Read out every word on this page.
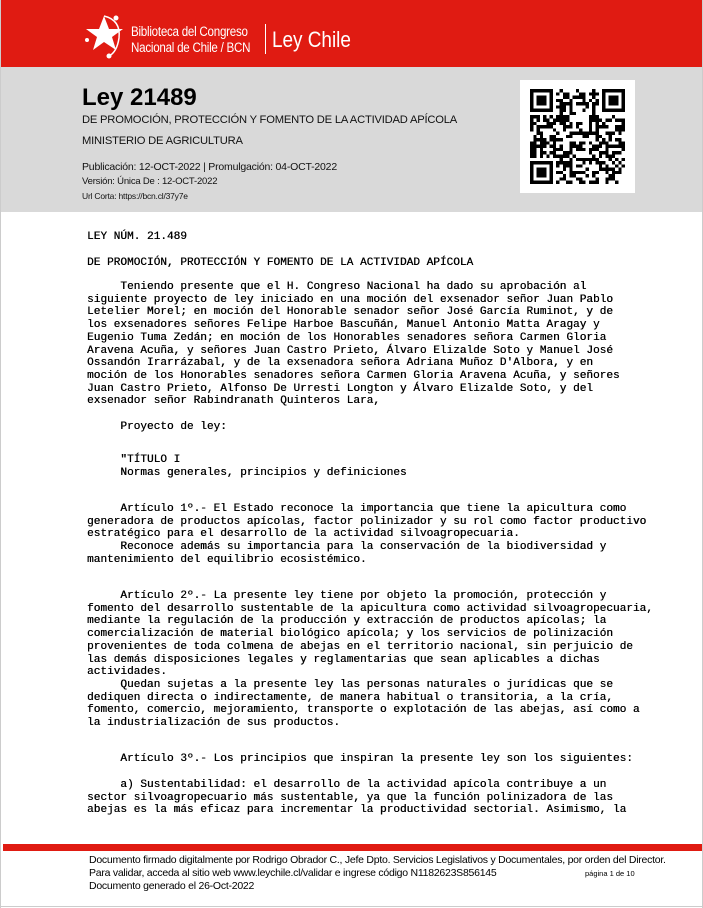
Biblioteca del Congreso
Nacional de Chile / BCN Ley Chile
Ley 21489
DE PROMOCIÓN, PROTECCIÓN Y FOMENTO DE LA ACTIVIDAD APÍCOLA
MINISTERIO DE AGRICULTURA
Publicación: 12-OCT-2022 | Promulgación: 04-OCT-2022
Versión: Única De : 12-OCT-2022
Url Corta: https://bcn.cl/37y7e
LEY NÚM. 21.489
DE PROMOCIÓN, PROTECCIÓN Y FOMENTO DE LA ACTIVIDAD APÍCOLA
Teniendo presente que el H. Congreso Nacional ha dado su aprobación al
siguiente proyecto de ley iniciado en una moción del exsenador señor Juan Pablo
Letelier Morel; en moción del Honorable senador señor José García Ruminot, y de
los exsenadores señores Felipe Harboe Bascuñán, Manuel Antonio Matta Aragay y
Eugenio Tuma Zedán; en moción de los Honorables senadores señora Carmen Gloria
Aravena Acuña, y señores Juan Castro Prieto, Álvaro Elizalde Soto y Manuel José
Ossandón Irarrázabal, y de la exsenadora señora Adriana Muñoz D'Albora, y en
moción de los Honorables senadores señora Carmen Gloria Aravena Acuña, y señores
Juan Castro Prieto, Alfonso De Urresti Longton y Álvaro Elizalde Soto, y del
exsenador señor Rabindranath Quinteros Lara,
Proyecto de ley:
"TÍTULO I
Normas generales, principios y definiciones
Artículo 1º.- El Estado reconoce la importancia que tiene la apicultura como
generadora de productos apícolas, factor polinizador y su rol como factor productivo
estratégico para el desarrollo de la actividad silvoagropecuaria.
Reconoce además su importancia para la conservación de la biodiversidad y
mantenimiento del equilibrio ecosistémico.
Artículo 2º.- La presente ley tiene por objeto la promoción, protección y
fomento del desarrollo sustentable de la apicultura como actividad silvoagropecuaria,
mediante la regulación de la producción y extracción de productos apícolas; la
comercialización de material biológico apícola; y los servicios de polinización
provenientes de toda colmena de abejas en el territorio nacional, sin perjuicio de
las demás disposiciones legales y reglamentarias que sean aplicables a dichas
actividades.
Quedan sujetas a la presente ley las personas naturales o jurídicas que se
dediquen directa o indirectamente, de manera habitual o transitoria, a la cría,
fomento, comercio, mejoramiento, transporte o explotación de las abejas, así como a
la industrialización de sus productos.
Artículo 3º.- Los principios que inspiran la presente ley son los siguientes:
a) Sustentabilidad: el desarrollo de la actividad apícola contribuye a un
sector silvoagropecuario más sustentable, ya que la función polinizadora de las
abejas es la más eficaz para incrementar la productividad sectorial. Asimismo, la
Documento firmado digitalmente por Rodrigo Obrador C., Jefe Dpto. Servicios Legislativos y Documentales, por orden del Director.
Para validar, acceda al sitio web www.leychile.cl/validar e ingrese código N1182623S856145
Documento generado el 26-Oct-2022
página 1 de 10
